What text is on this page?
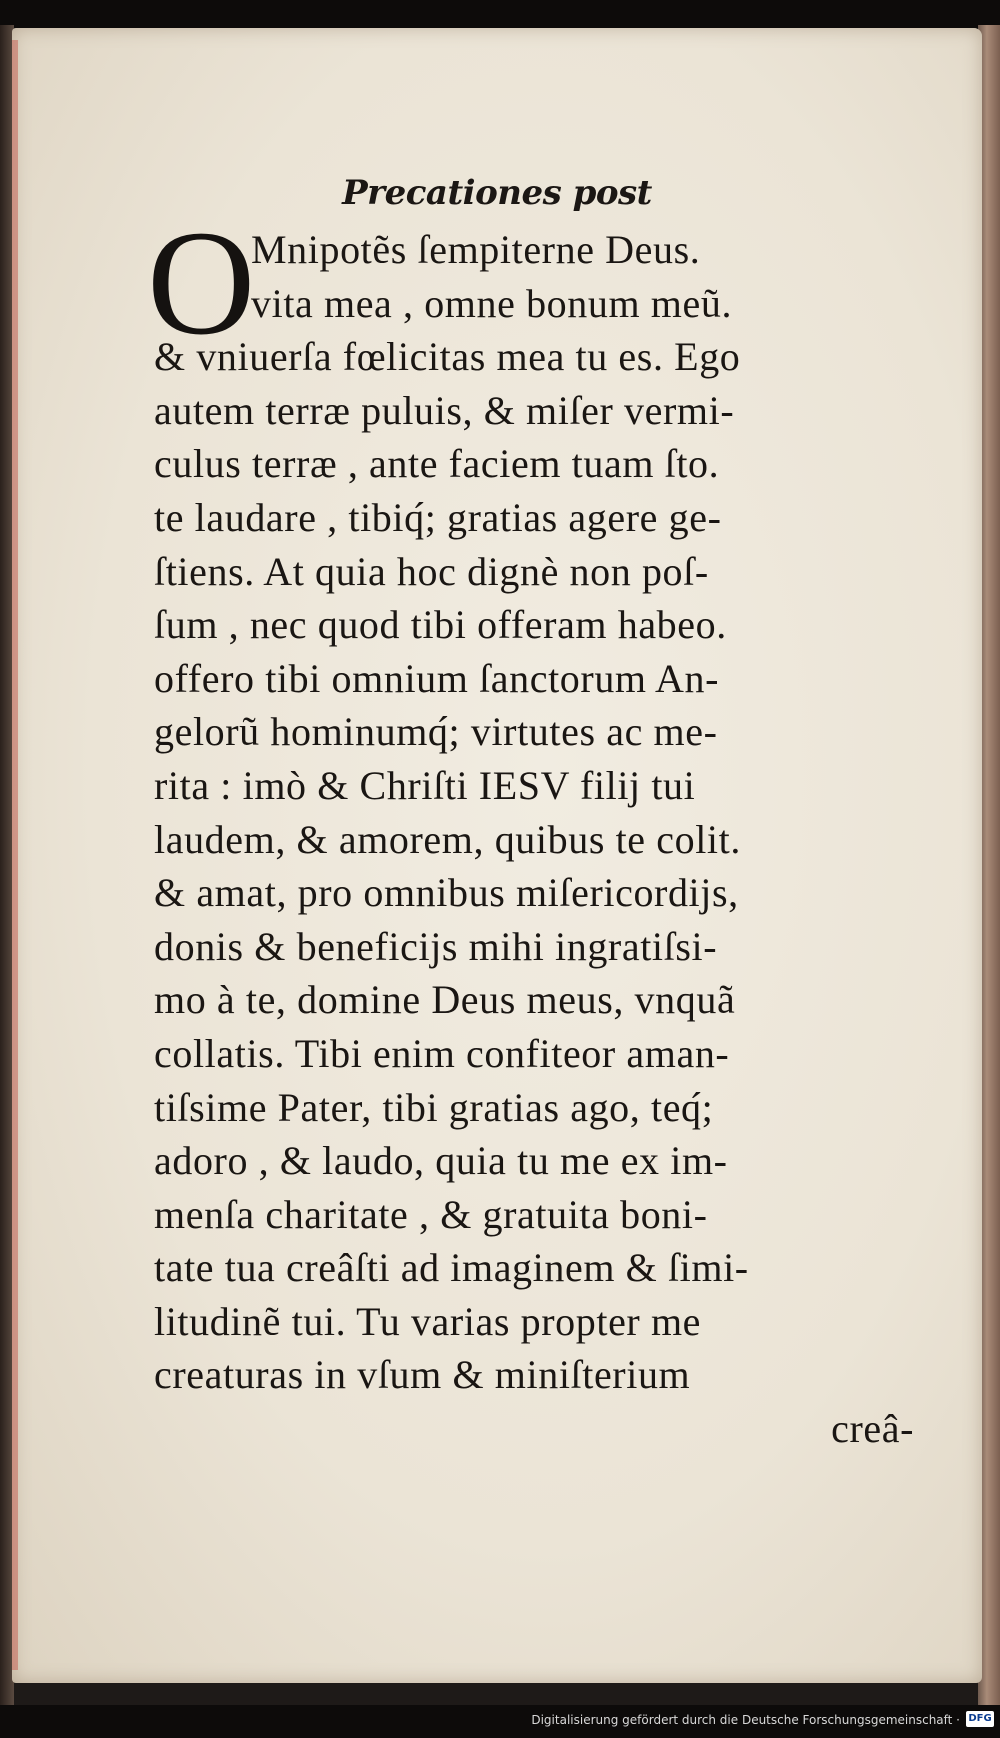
Precationes post
O
Mnipotẽs ſempiterne Deus.
vita mea , omne bonum meũ.
& vniuerſa fœlicitas mea tu es. Ego
autem terræ puluis, & miſer vermi-
culus terræ , ante faciem tuam ſto.
te laudare , tibiq́; gratias agere ge-
ſtiens. At quia hoc dignè non poſ-
ſum , nec quod tibi offeram habeo.
offero tibi omnium ſanctorum An-
gelorũ hominumq́; virtutes ac me-
rita : imò & Chriſti IESV filij tui
laudem, & amorem, quibus te colit.
& amat, pro omnibus miſericordijs,
donis & beneficijs mihi ingratiſsi-
mo à te, domine Deus meus, vnquã
collatis. Tibi enim confiteor aman-
tiſsime Pater, tibi gratias ago, teq́;
adoro , & laudo, quia tu me ex im-
menſa charitate , & gratuita boni-
tate tua creâſti ad imaginem & ſimi-
litudinẽ tui. Tu varias propter me
creaturas in vſum & miniſterium
creâ-
Digitalisierung gefördert durch die Deutsche Forschungsgemeinschaft · DFG
